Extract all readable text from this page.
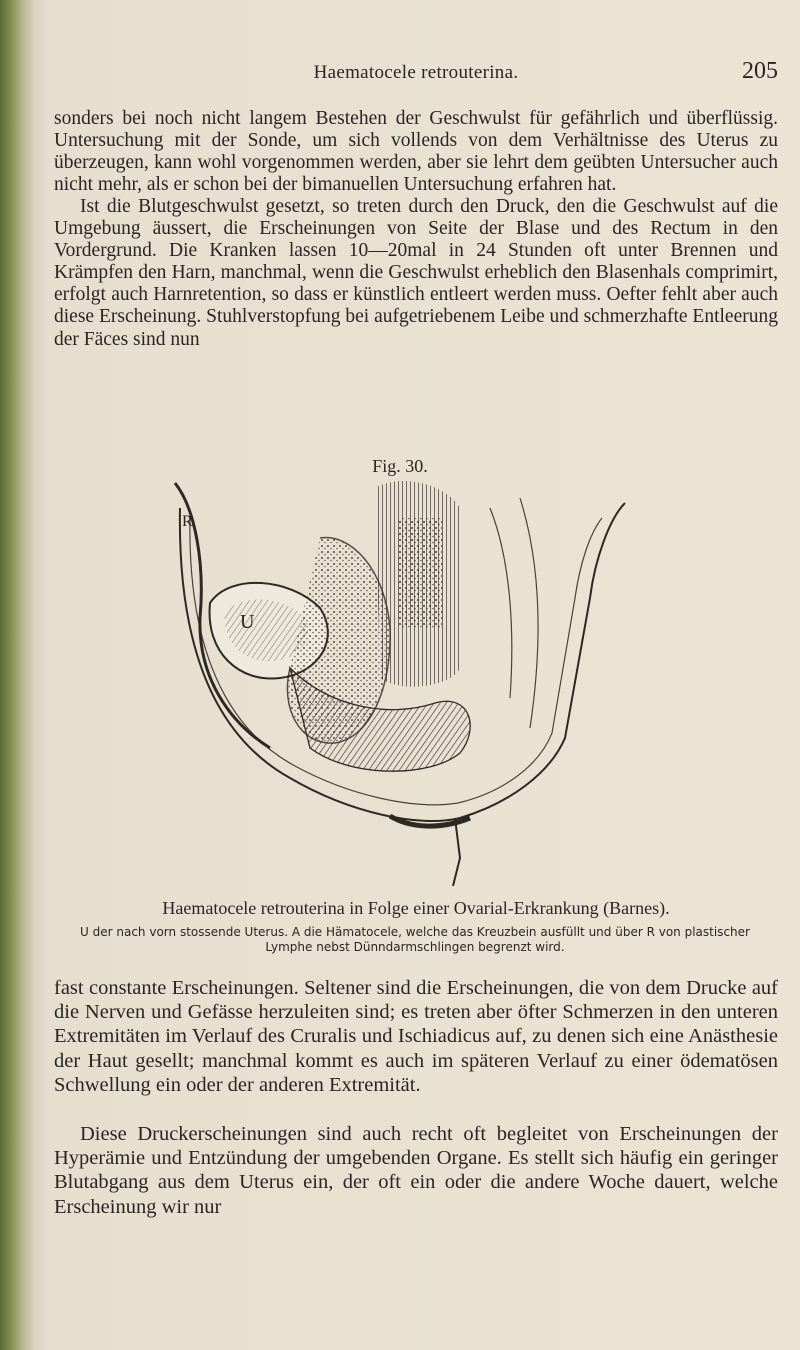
Haematocele retrouterina.	205

sonders bei noch nicht langem Bestehen der Geschwulst für gefährlich und überflüssig. Untersuchung mit der Sonde, um sich vollends von dem Verhältnisse des Uterus zu überzeugen, kann wohl vorgenommen werden, aber sie lehrt dem geübten Untersucher auch nicht mehr, als er schon bei der bimanuellen Untersuchung erfahren hat.

Ist die Blutgeschwulst gesetzt, so treten durch den Druck, den die Geschwulst auf die Umgebung äussert, die Erscheinungen von Seite der Blase und des Rectum in den Vordergrund. Die Kranken lassen 10—20mal in 24 Stunden oft unter Brennen und Krämpfen den Harn, manchmal, wenn die Geschwulst erheblich den Blasenhals comprimirt, erfolgt auch Harnretention, so dass er künstlich entleert werden muss. Oefter fehlt aber auch diese Erscheinung. Stuhlverstopfung bei aufgetriebenem Leibe und schmerzhafte Entleerung der Fäces sind nun

Fig. 30.
U
R
Haematocele retrouterina in Folge einer Ovarial-Erkrankung (Barnes).
U der nach vorn stossende Uterus. A die Hämatocele, welche das Kreuzbein ausfüllt und über R von plastischer Lymphe nebst Dünndarmschlingen begrenzt wird.

fast constante Erscheinungen. Seltener sind die Erscheinungen, die von dem Drucke auf die Nerven und Gefässe herzuleiten sind; es treten aber öfter Schmerzen in den unteren Extremitäten im Verlauf des Cruralis und Ischiadicus auf, zu denen sich eine Anästhesie der Haut gesellt; manchmal kommt es auch im späteren Verlauf zu einer ödematösen Schwellung ein oder der anderen Extremität.

Diese Druckerscheinungen sind auch recht oft begleitet von Erscheinungen der Hyperämie und Entzündung der umgebenden Organe. Es stellt sich häufig ein geringer Blutabgang aus dem Uterus ein, der oft ein oder die andere Woche dauert, welche Erscheinung wir nur
